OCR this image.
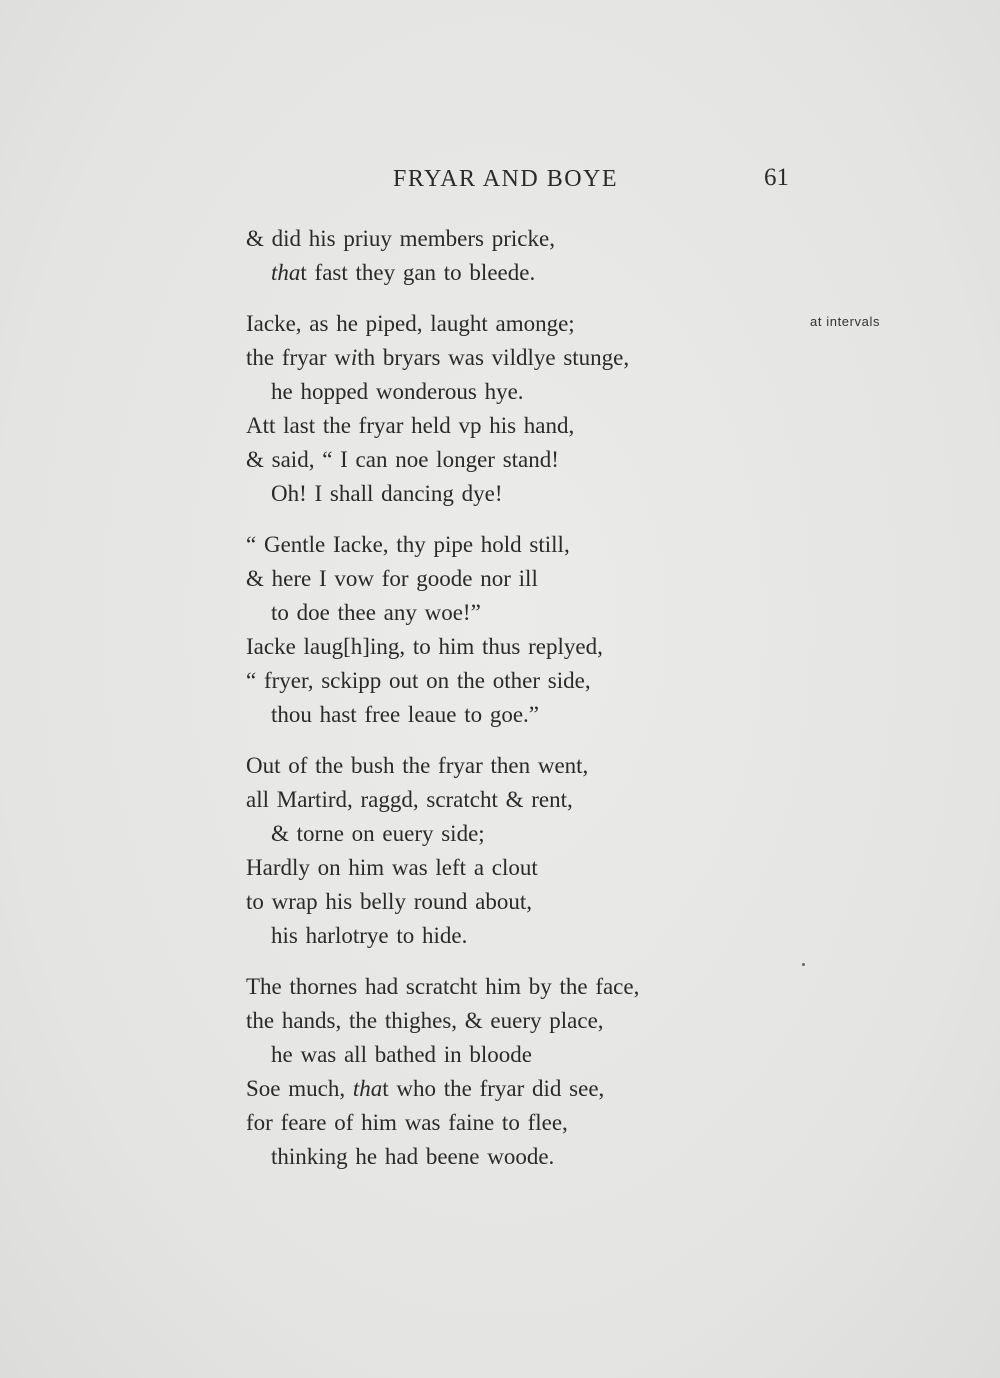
FRYAR AND BOYE	61
at intervals
& did his priuy members pricke,
that fast they gan to bleede.
Iacke, as he piped, laught amonge;
the fryar with bryars was vildlye stunge,
he hopped wonderous hye.
Att last the fryar held vp his hand,
& said, “ I can noe longer stand!
Oh! I shall dancing dye!
“ Gentle Iacke, thy pipe hold still,
& here I vow for goode nor ill
to doe thee any woe!”
Iacke laug[h]ing, to him thus replyed,
“ fryer, sckipp out on the other side,
thou hast free leaue to goe.”
Out of the bush the fryar then went,
all Martird, raggd, scratcht & rent,
& torne on euery side;
Hardly on him was left a clout
to wrap his belly round about,
his harlotrye to hide.
The thornes had scratcht him by the face,
the hands, the thighes, & euery place,
he was all bathed in bloode
Soe much, that who the fryar did see,
for feare of him was faine to flee,
thinking he had beene woode.
